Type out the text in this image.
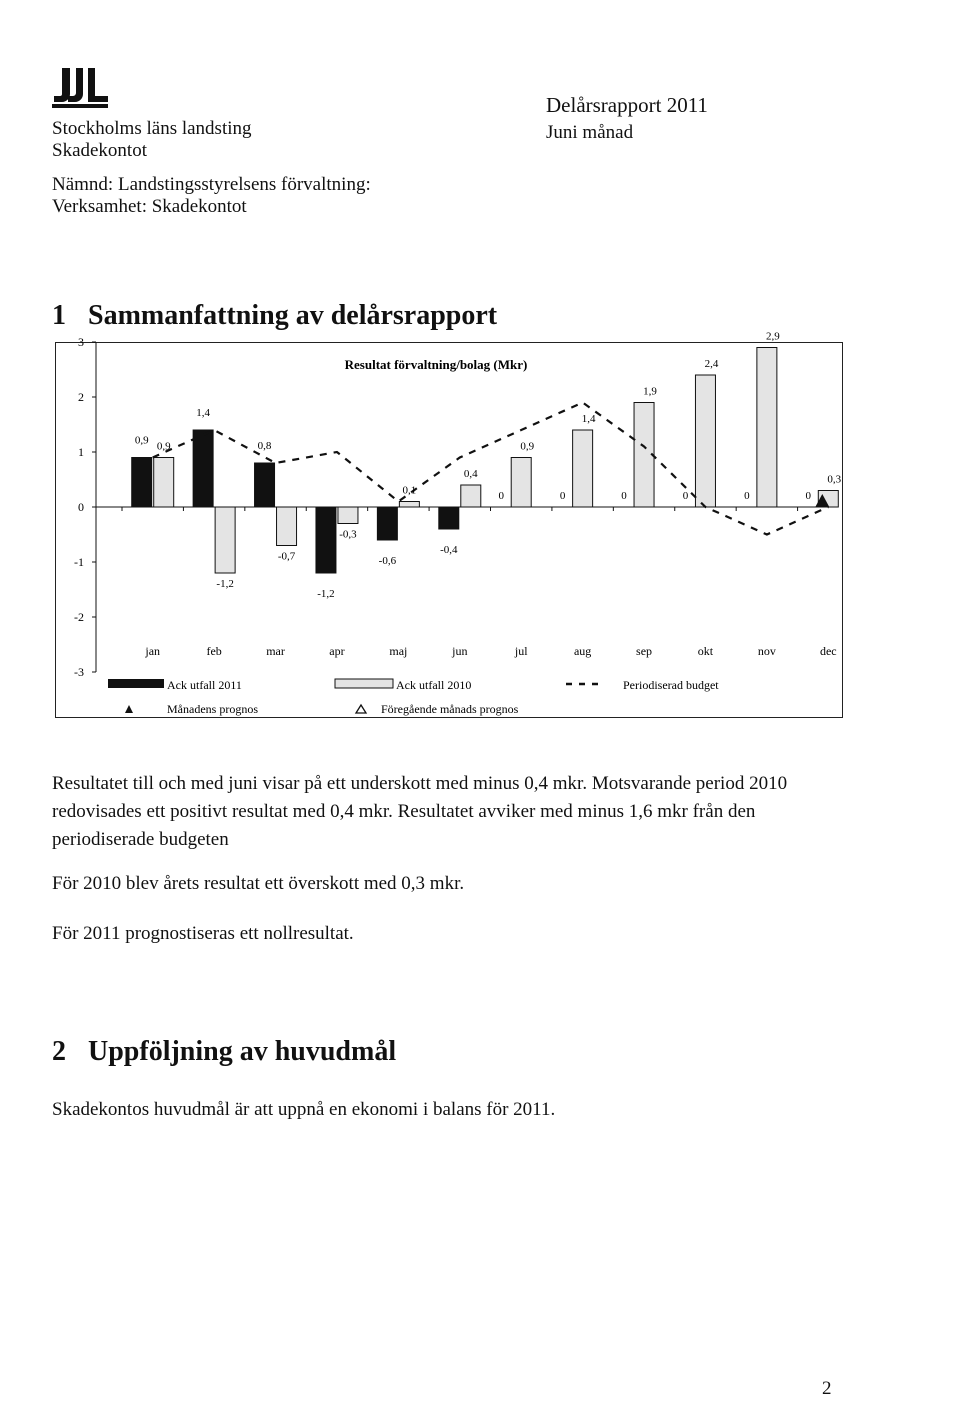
Stockholms läns landsting
Skadekontot
Nämnd: Landstingsstyrelsens förvaltning:
Verksamhet: Skadekontot
Delårsrapport 2011
Juni månad
1 Sammanfattning av delårsrapport
Resultat förvaltning/bolag (Mkr)
3
2
1
0
-1
-2
-3
jan	feb	mar	apr	maj	jun	jul	aug	sep	okt	nov	dec
0,9 0,9
1,4
-1,2
0,8
-0,7
-1,2
-0,3
-0,6
0,1
-0,4
0,4
0,9
0
1,4
0
1,9
0
2,4
0
2,9
0
0,3
0
Ack utfall 2011	Ack utfall 2010	Periodiserad budget
Månadens prognos	Föregående månads prognos
Resultatet till och med juni visar på ett underskott med minus 0,4 mkr. Motsvarande period 2010 redovisades ett positivt resultat med 0,4 mkr. Resultatet avviker med minus 1,6 mkr från den periodiserade budgeten
För 2010 blev årets resultat ett överskott med 0,3 mkr.
För 2011 prognostiseras ett nollresultat.
2 Uppföljning av huvudmål
Skadekontos huvudmål är att uppnå en ekonomi i balans för 2011.
2
